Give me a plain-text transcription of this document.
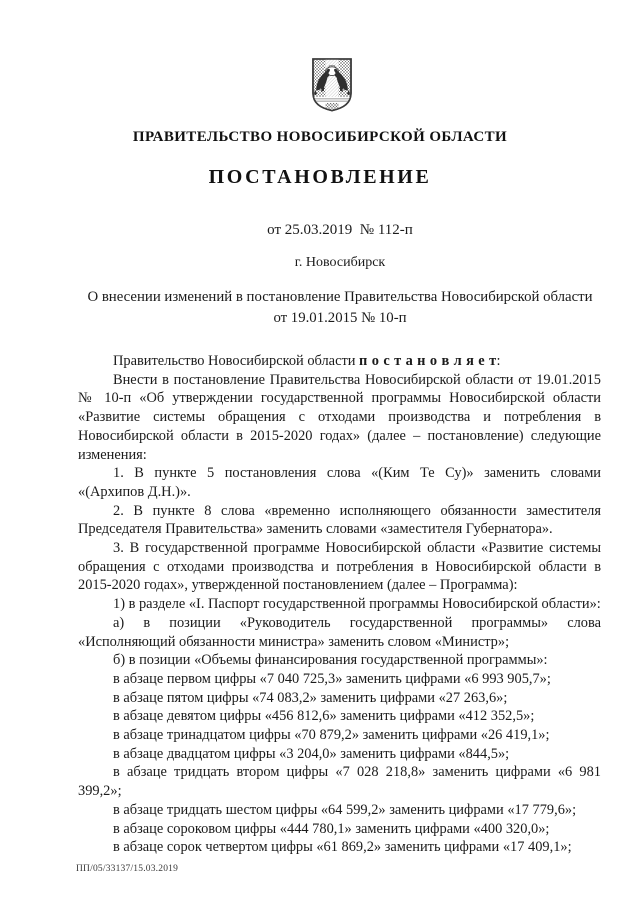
ПРАВИТЕЛЬСТВО НОВОСИБИРСКОЙ ОБЛАСТИ
ПОСТАНОВЛЕНИЕ
от 25.03.2019  № 112-п
г. Новосибирск
О внесении изменений в постановление Правительства Новосибирской области
от 19.01.2015 № 10-п

Правительство Новосибирской области п о с т а н о в л я е т:

Внести в постановление Правительства Новосибирской области от 19.01.2015 № 10-п «Об утверждении государственной программы Новосибирской области «Развитие системы обращения с отходами производства и потребления в Новосибирской области в 2015-2020 годах» (далее – постановление) следующие изменения:

1. В пункте 5 постановления слова «(Ким Те Су)» заменить словами «(Архипов Д.Н.)».

2. В пункте 8 слова «временно исполняющего обязанности заместителя Председателя Правительства» заменить словами «заместителя Губернатора».

3. В государственной программе Новосибирской области «Развитие системы обращения с отходами производства и потребления в Новосибирской области в 2015-2020 годах», утвержденной постановлением (далее – Программа):

1) в разделе «I. Паспорт государственной программы Новосибирской области»:

а) в позиции «Руководитель государственной программы» слова «Исполняющий обязанности министра» заменить словом «Министр»;

б) в позиции «Объемы финансирования государственной программы»:

в абзаце первом цифры «7 040 725,3» заменить цифрами «6 993 905,7»;

в абзаце пятом цифры «74 083,2» заменить цифрами «27 263,6»;

в абзаце девятом цифры «456 812,6» заменить цифрами «412 352,5»;

в абзаце тринадцатом цифры «70 879,2» заменить цифрами «26 419,1»;

в абзаце двадцатом цифры «3 204,0» заменить цифрами «844,5»;

в абзаце тридцать втором цифры «7 028 218,8» заменить цифрами «6 981 399,2»;

в абзаце тридцать шестом цифры «64 599,2» заменить цифрами «17 779,6»;

в абзаце сороковом цифры «444 780,1» заменить цифрами «400 320,0»;

в абзаце сорок четвертом цифры «61 869,2» заменить цифрами «17 409,1»;

ПП/05/33137/15.03.2019
